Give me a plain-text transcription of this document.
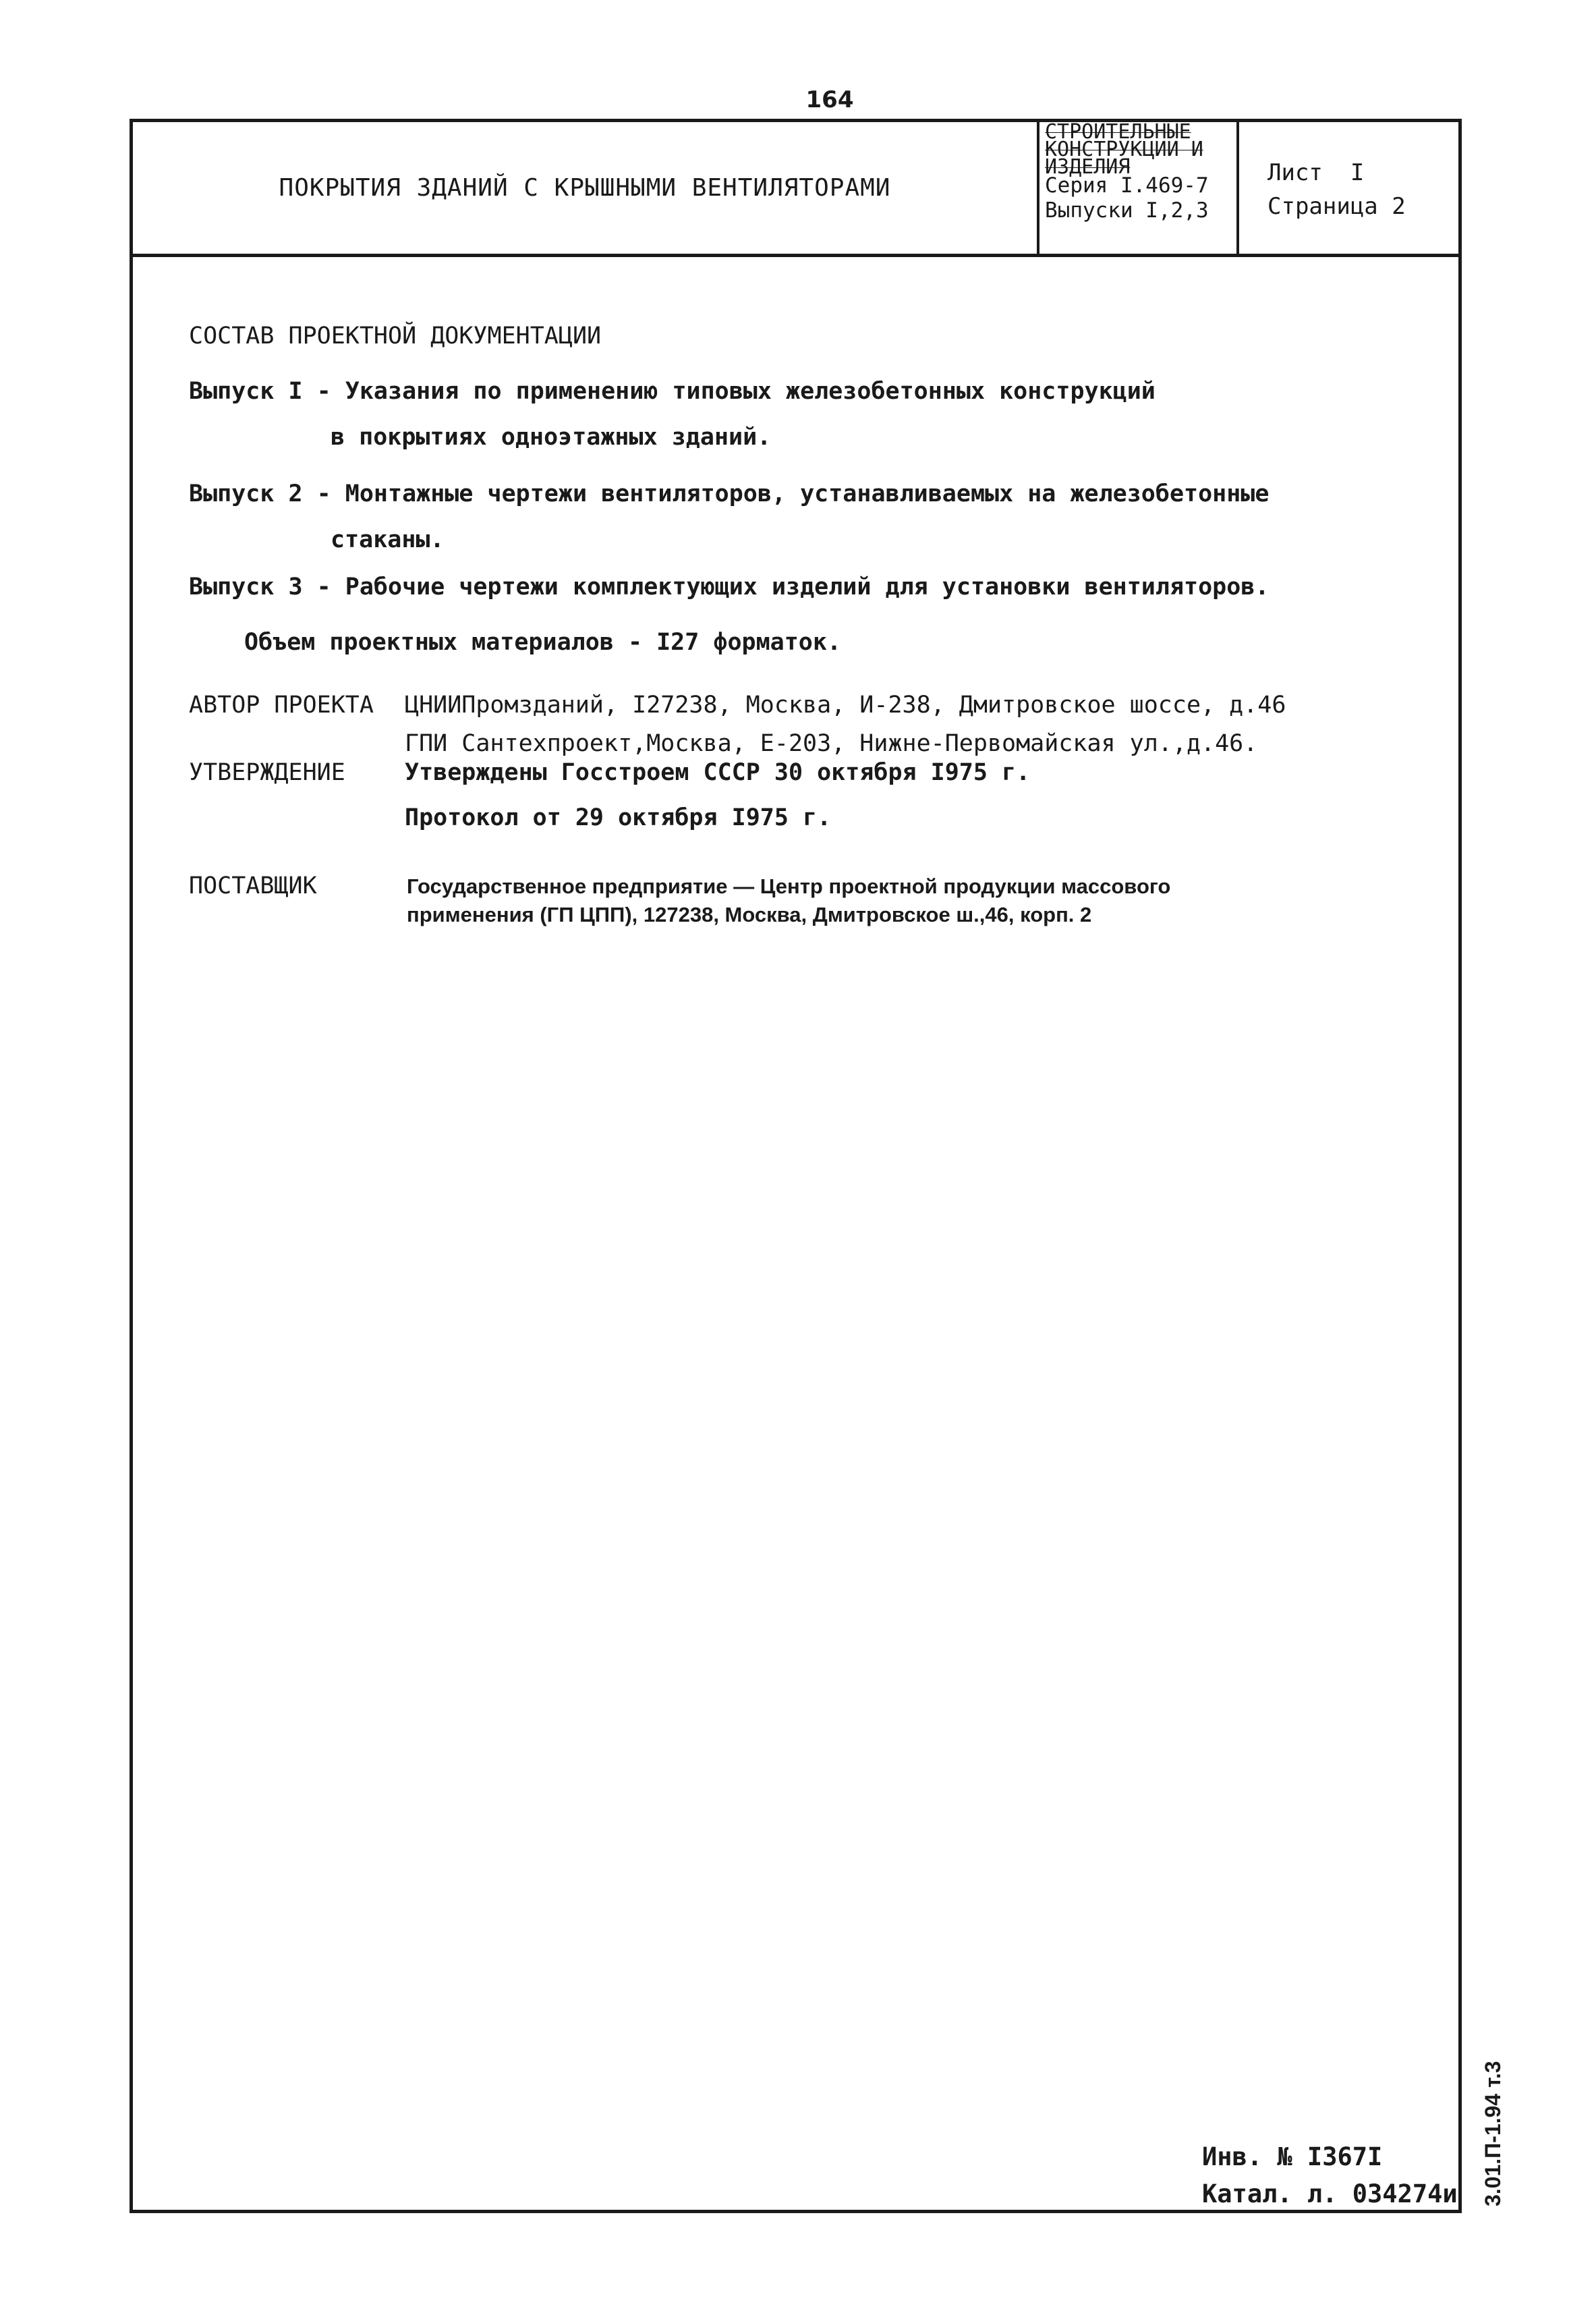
164
ПОКРЫТИЯ ЗДАНИЙ С КРЫШНЫМИ ВЕНТИЛЯТОРАМИ
СТРОИТЕЛЬНЫЕ
КОНСТРУКЦИИ И
ИЗДЕЛИЯ
Серия I.469-7
Выпуски I,2,3
Лист  I
Страница 2
СОСТАВ ПРОЕКТНОЙ ДОКУМЕНТАЦИИ
Выпуск I - Указания по применению типовых железобетонных конструкций
в покрытиях одноэтажных зданий.
Выпуск 2 - Монтажные чертежи вентиляторов, устанавливаемых на железобетонные
стаканы.
Выпуск 3 - Рабочие чертежи комплектующих изделий для установки вентиляторов.
Объем проектных материалов - I27 форматок.
АВТОР ПРОЕКТА ЦНИИПромзданий, I27238, Москва, И-238, Дмитровское шоссе, д.46
ГПИ Сантехпроект,Москва, Е-203, Нижне-Первомайская ул.,д.46.
УТВЕРЖДЕНИЕ	Утверждены Госстроем СССР 30 октября I975 г.
Протокол от 29 октября I975 г.
ПОСТАВЩИК	Государственное предприятие — Центр проектной продукции массового применения (ГП ЦПП), 127238, Москва, Дмитровское ш.,46, корп. 2
Инв. № I367I
Катал. л. 034274и 3.01.П-1.94 т.3
